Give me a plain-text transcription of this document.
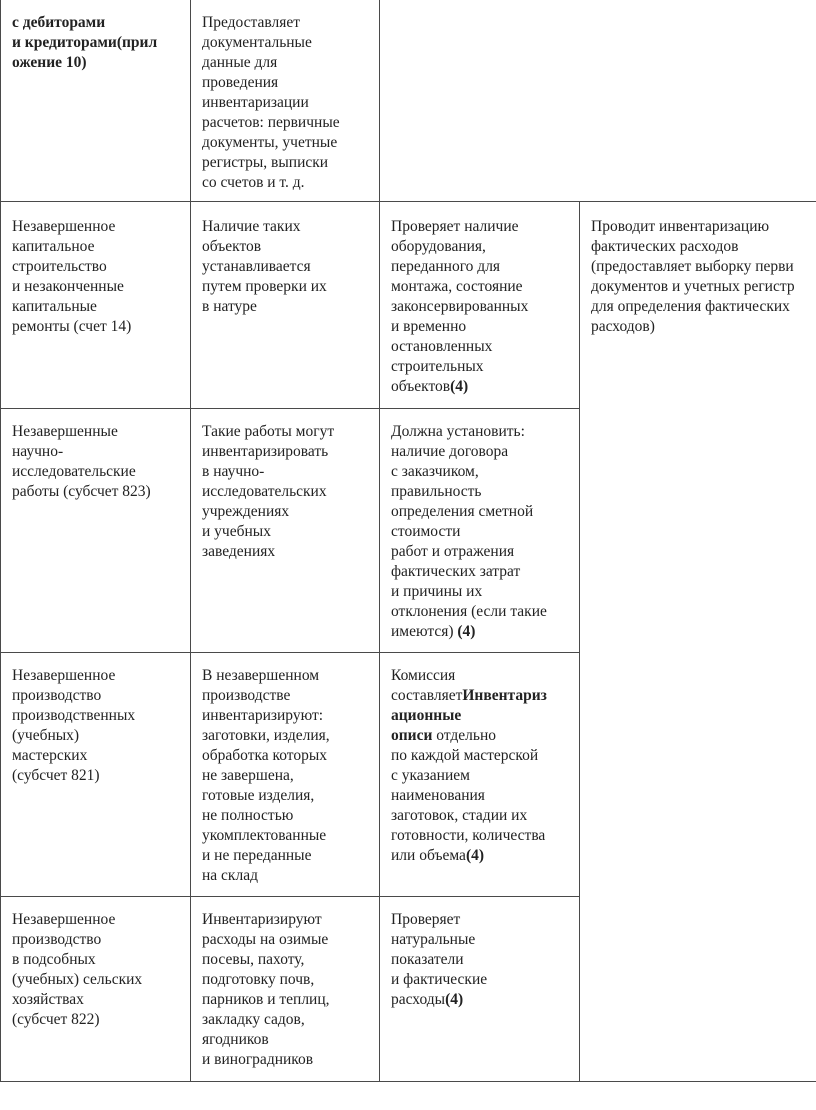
с дебиторами
и кредиторами(прил
ожение 10)
Предоставляет
документальные
данные для
проведения
инвентаризации
расчетов: первичные
документы, учетные
регистры, выписки
со счетов и т. д.
Незавершенное
капитальное
строительство
и незаконченные
капитальные
ремонты (счет 14)
Наличие таких
объектов
устанавливается
путем проверки их
в натуре
Проверяет наличие
оборудования,
переданного для
монтажа, состояние
законсервированных
и временно
остановленных
строительных
объектов(4)
Проводит инвентаризацию
фактических расходов
(предоставляет выборку перви
документов и учетных регистр
для определения фактических
расходов)
Незавершенные
научно-
исследовательские
работы (субсчет 823)
Такие работы могут
инвентаризировать
в научно-
исследовательских
учреждениях
и учебных
заведениях
Должна установить:
наличие договора
с заказчиком,
правильность
определения сметной
стоимости
работ и отражения
фактических затрат
и причины их
отклонения (если такие
имеются) (4)
Незавершенное
производство
производственных
(учебных)
мастерских
(субсчет 821)
В незавершенном
производстве
инвентаризируют:
заготовки, изделия,
обработка которых
не завершена,
готовые изделия,
не полностью
укомплектованные
и не переданные
на склад
Комиссия
составляетИнвентариз
ационные
описи отдельно
по каждой мастерской
с указанием
наименования
заготовок, стадии их
готовности, количества
или объема(4)
Незавершенное
производство
в подсобных
(учебных) сельских
хозяйствах
(субсчет 822)
Инвентаризируют
расходы на озимые
посевы, пахоту,
подготовку почв,
парников и теплиц,
закладку садов,
ягодников
и виноградников
Проверяет
натуральные
показатели
и фактические
расходы(4)
